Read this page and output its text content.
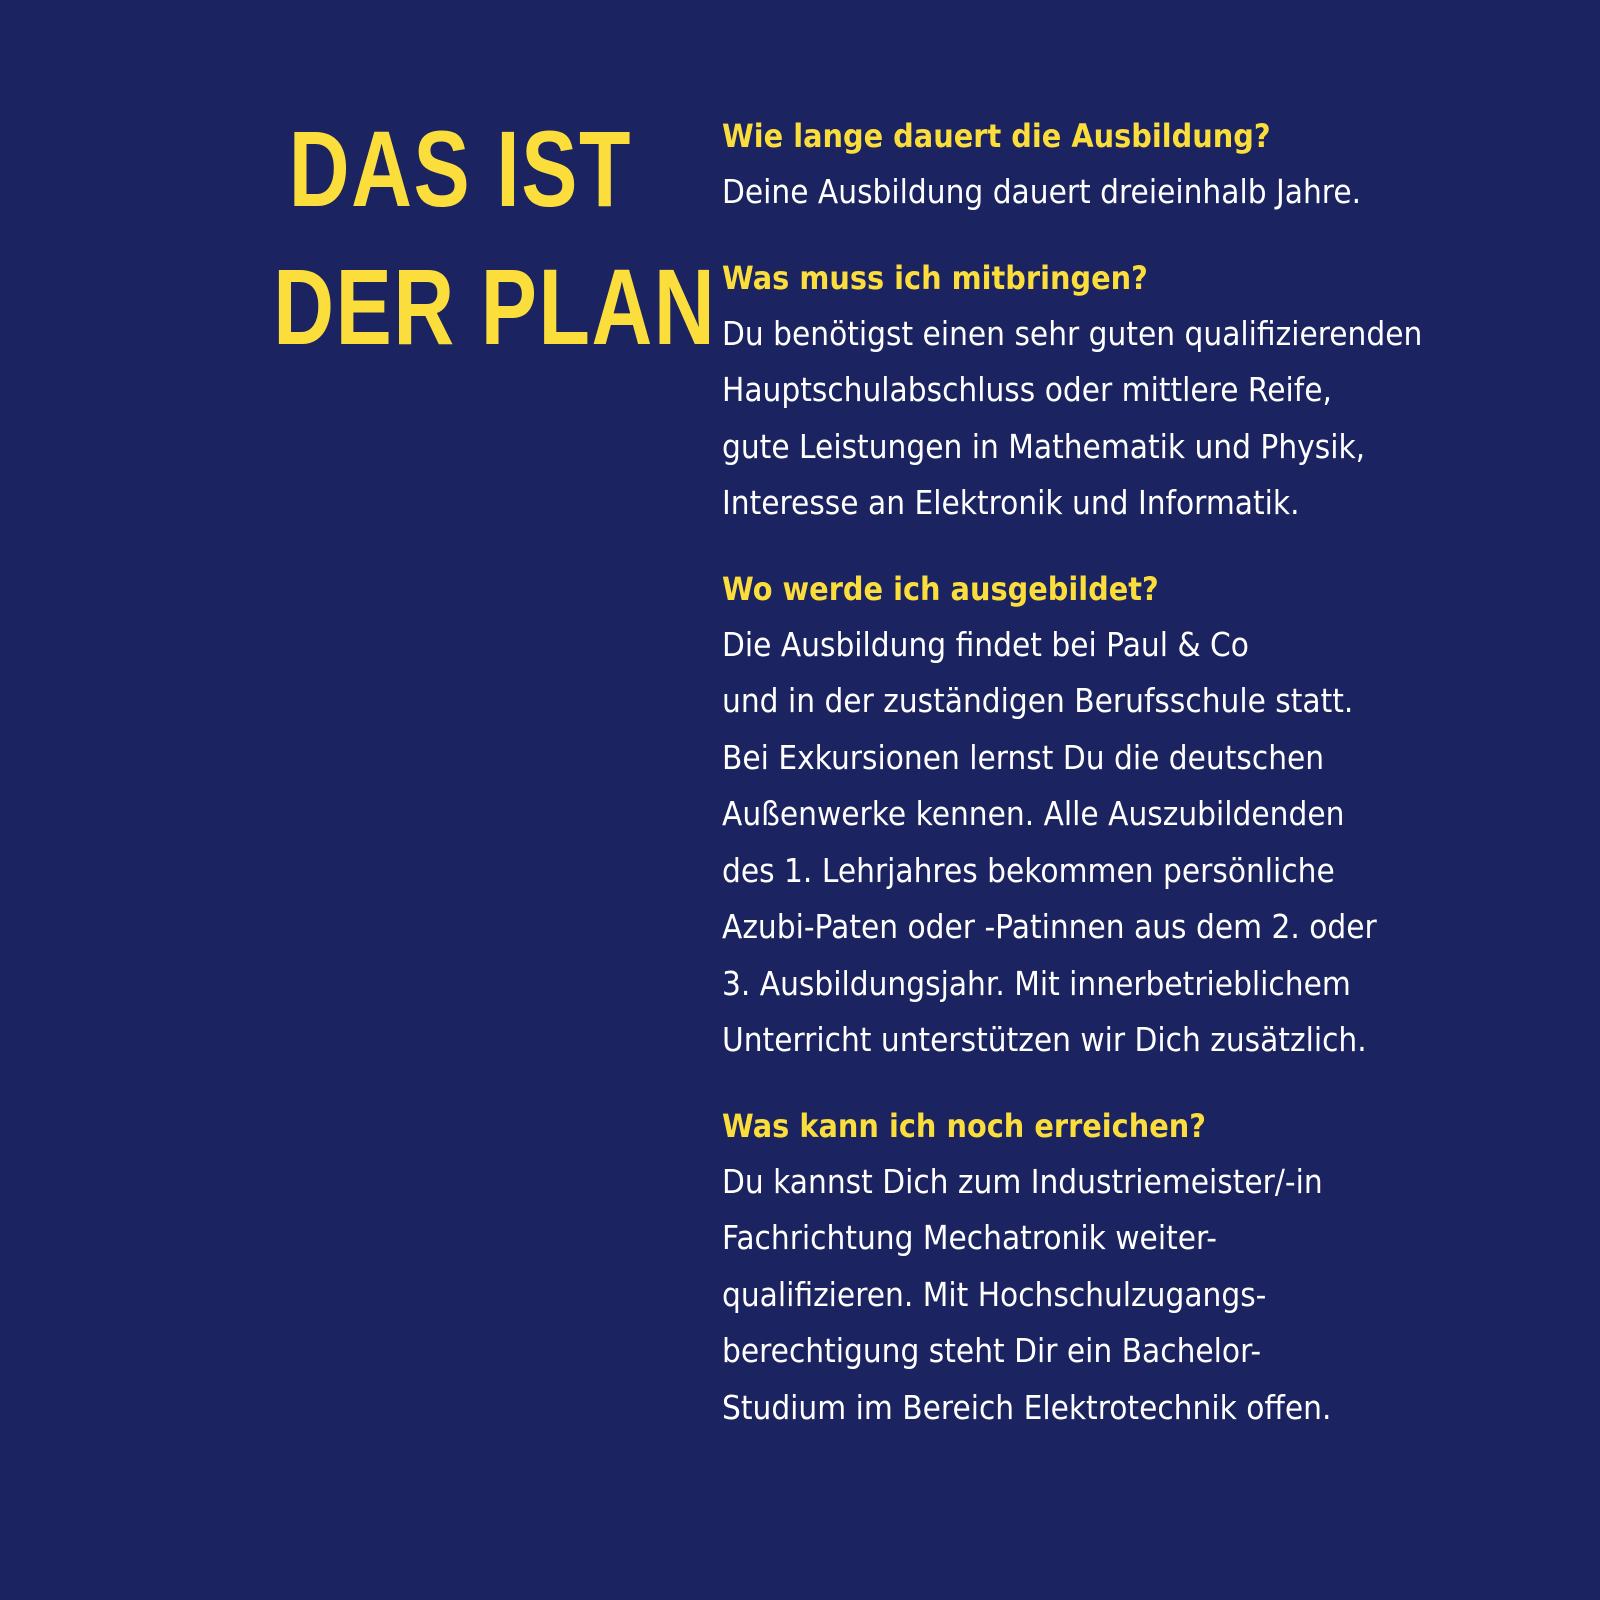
DAS IST
DER PLAN
Wie lange dauert die Ausbildung?
Deine Ausbildung dauert dreieinhalb Jahre.
Was muss ich mitbringen?
Du benötigst einen sehr guten qualifizierenden
Hauptschulabschluss oder mittlere Reife,
gute Leistungen in Mathematik und Physik,
Interesse an Elektronik und Informatik.
Wo werde ich ausgebildet?
Die Ausbildung findet bei Paul & Co
und in der zuständigen Berufsschule statt.
Bei Exkursionen lernst Du die deutschen
Außenwerke kennen. Alle Auszubildenden
des 1. Lehrjahres bekommen persönliche
Azubi-Paten oder -Patinnen aus dem 2. oder
3. Ausbildungsjahr. Mit innerbetrieblichem
Unterricht unterstützen wir Dich zusätzlich.
Was kann ich noch erreichen?
Du kannst Dich zum Industriemeister/-in
Fachrichtung Mechatronik weiter-
qualifizieren. Mit Hochschulzugangs-
berechtigung steht Dir ein Bachelor-
Studium im Bereich Elektrotechnik offen.
